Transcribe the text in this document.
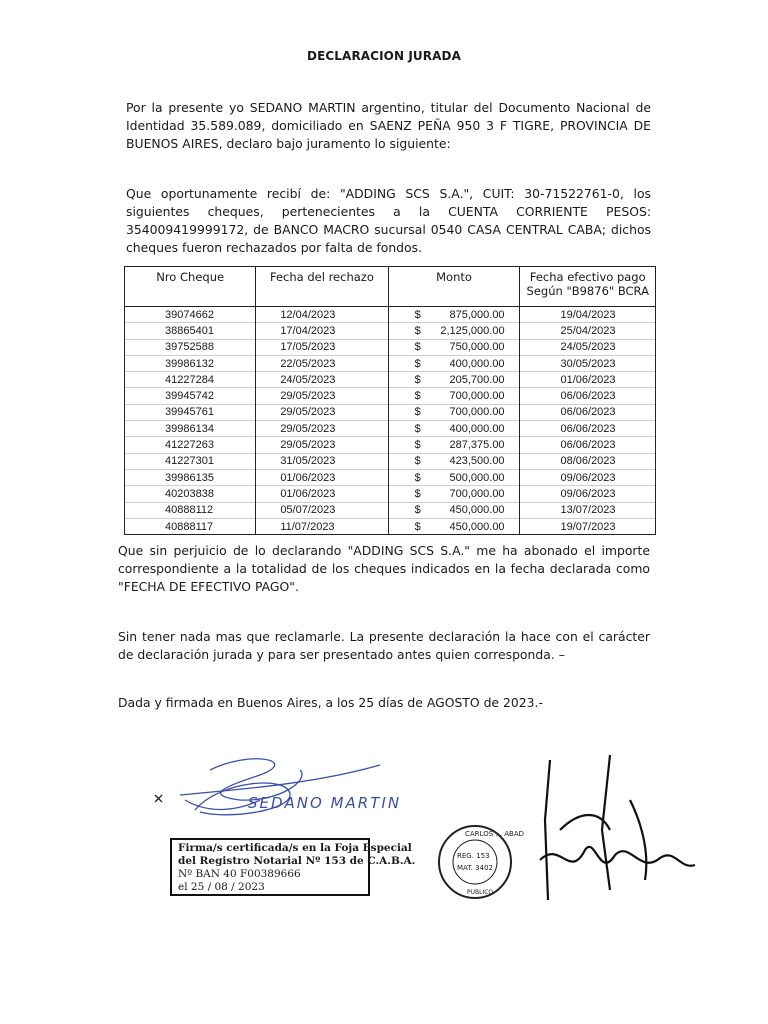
DECLARACION JURADA
Por la presente yo SEDANO MARTIN argentino, titular del Documento Nacional de Identidad 35.589.089, domiciliado en SAENZ PEÑA 950 3 F TIGRE, PROVINCIA DE BUENOS AIRES, declaro bajo juramento lo siguiente:
Que oportunamente recibí de: "ADDING SCS S.A.", CUIT: 30-71522761-0, los siguientes cheques, pertenecientes a la CUENTA CORRIENTE PESOS: 354009419999172, de BANCO MACRO sucursal 0540 CASA CENTRAL CABA; dichos cheques fueron rechazados por falta de fondos.
Nro Cheque	Fecha del rechazo	Monto	Fecha efectivo pago
Según "B9876" BCRA
39074662	12/04/2023	$ 875,000.00	19/04/2023
38865401	17/04/2023	$ 2,125,000.00	25/04/2023
39752588	17/05/2023	$ 750,000.00	24/05/2023
39986132	22/05/2023	$ 400,000.00	30/05/2023
41227284	24/05/2023	$ 205,700.00	01/06/2023
39945742	29/05/2023	$ 700,000.00	06/06/2023
39945761	29/05/2023	$ 700,000.00	06/06/2023
39986134	29/05/2023	$ 400,000.00	06/06/2023
41227263	29/05/2023	$ 287,375.00	06/06/2023
41227301	31/05/2023	$ 423,500.00	08/06/2023
39986135	01/06/2023	$ 500,000.00	09/06/2023
40203838	01/06/2023	$ 700,000.00	09/06/2023
40888112	05/07/2023	$ 450,000.00	13/07/2023
40888117	11/07/2023	$ 450,000.00	19/07/2023
Que sin perjuicio de lo declarando "ADDING SCS S.A." me ha abonado el importe correspondiente a la totalidad de los cheques indicados en la fecha declarada como "FECHA DE EFECTIVO PAGO".
Sin tener nada mas que reclamarle. La presente declaración la hace con el carácter de declaración jurada y para ser presentado antes quien corresponda. –
Dada y firmada en Buenos Aires, a los 25 días de AGOSTO de 2023.-
SEDANO MARTIN
CARLOS ... ABAD
REG. 153
MAT. 3402
PUBLICO
Firma/s certificada/s en la Foja Especial
del Registro Notarial Nº 153 de C.A.B.A.
Nº BAN 40 F00389666
el 25 / 08 / 2023
